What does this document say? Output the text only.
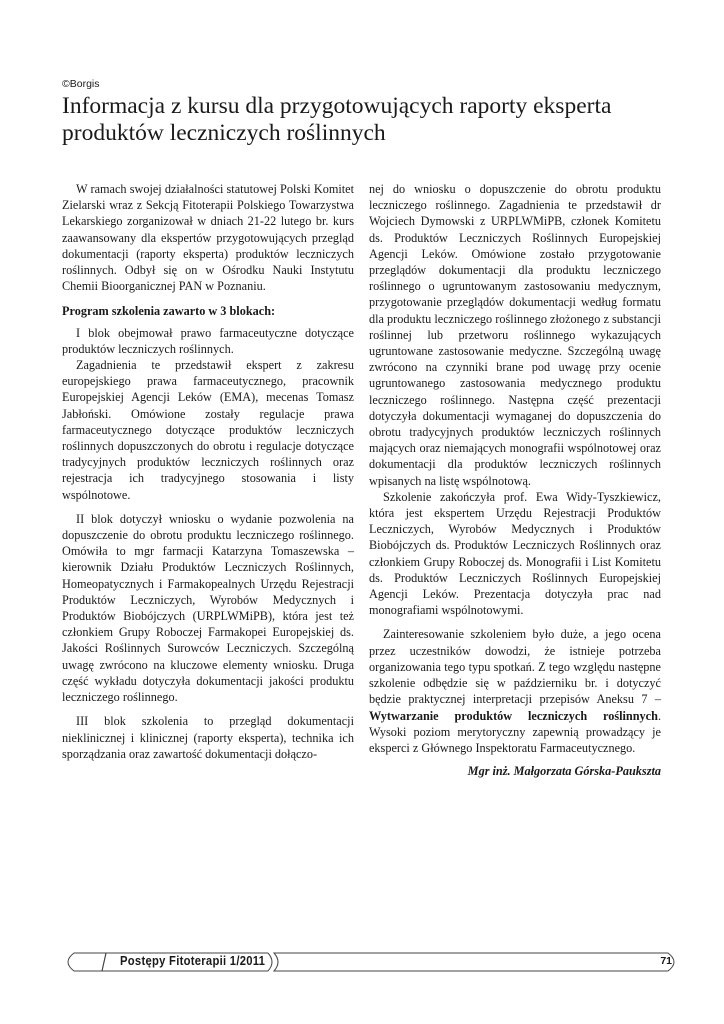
©Borgis
Informacja z kursu dla przygotowujących raporty eksperta produktów leczniczych roślinnych

W ramach swojej działalności statutowej Polski Komitet Zielarski wraz z Sekcją Fitoterapii Polskiego Towarzystwa Lekarskiego zorganizował w dniach 21-22 lutego br. kurs zaawansowany dla ekspertów przygotowujących przegląd dokumentacji (raporty eksperta) produktów leczniczych roślinnych. Odbył się on w Ośrodku Nauki Instytutu Chemii Bioorganicznej PAN w Poznaniu.

Program szkolenia zawarto w 3 blokach:

I blok obejmował prawo farmaceutyczne dotyczące produktów leczniczych roślinnych.

Zagadnienia te przedstawił ekspert z zakresu europejskiego prawa farmaceutycznego, pracownik Europejskiej Agencji Leków (EMA), mecenas Tomasz Jabłoński. Omówione zostały regulacje prawa farmaceutycznego dotyczące produktów leczniczych roślinnych dopuszczonych do obrotu i regulacje dotyczące tradycyjnych produktów leczniczych roślinnych oraz rejestracja ich tradycyjnego stosowania i listy wspólnotowe.

II blok dotyczył wniosku o wydanie pozwolenia na dopuszczenie do obrotu produktu leczniczego roślinnego. Omówiła to mgr farmacji Katarzyna Tomaszewska – kierownik Działu Produktów Leczniczych Roślinnych, Homeopatycznych i Farmakopealnych Urzędu Rejestracji Produktów Leczniczych, Wyrobów Medycznych i Produktów Biobójczych (URPLWMiPB), która jest też członkiem Grupy Roboczej Farmakopei Europejskiej ds. Jakości Roślinnych Surowców Leczniczych. Szczególną uwagę zwrócono na kluczowe elementy wniosku. Druga część wykładu dotyczyła dokumentacji jakości produktu leczniczego roślinnego.

III blok szkolenia to przegląd dokumentacji nieklinicznej i klinicznej (raporty eksperta), technika ich sporządzania oraz zawartość dokumentacji dołączo-

nej do wniosku o dopuszczenie do obrotu produktu leczniczego roślinnego. Zagadnienia te przedstawił dr Wojciech Dymowski z URPLWMiPB, członek Komitetu ds. Produktów Leczniczych Roślinnych Europejskiej Agencji Leków. Omówione zostało przygotowanie przeglądów dokumentacji dla produktu leczniczego roślinnego o ugruntowanym zastosowaniu medycznym, przygotowanie przeglądów dokumentacji według formatu dla produktu leczniczego roślinnego złożonego z substancji roślinnej lub przetworu roślinnego wykazujących ugruntowane zastosowanie medyczne. Szczególną uwagę zwrócono na czynniki brane pod uwagę przy ocenie ugruntowanego zastosowania medycznego produktu leczniczego roślinnego. Następna część prezentacji dotyczyła dokumentacji wymaganej do dopuszczenia do obrotu tradycyjnych produktów leczniczych roślinnych mających oraz niemających monografii wspólnotowej oraz dokumentacji dla produktów leczniczych roślinnych wpisanych na listę wspólnotową.

Szkolenie zakończyła prof. Ewa Widy-Tyszkiewicz, która jest ekspertem Urzędu Rejestracji Produktów Leczniczych, Wyrobów Medycznych i Produktów Biobójczych ds. Produktów Leczniczych Roślinnych oraz członkiem Grupy Roboczej ds. Monografii i List Komitetu ds. Produktów Leczniczych Roślinnych Europejskiej Agencji Leków. Prezentacja dotyczyła prac nad monografiami wspólnotowymi.

Zainteresowanie szkoleniem było duże, a jego ocena przez uczestników dowodzi, że istnieje potrzeba organizowania tego typu spotkań. Z tego względu następne szkolenie odbędzie się w październiku br. i dotyczyć będzie praktycznej interpretacji przepisów Aneksu 7 – Wytwarzanie produktów leczniczych roślinnych. Wysoki poziom merytoryczny zapewnią prowadzący je eksperci z Głównego Inspektoratu Farmaceutycznego.

Mgr inż. Małgorzata Górska-Paukszta

Postępy Fitoterapii 1/2011	71
